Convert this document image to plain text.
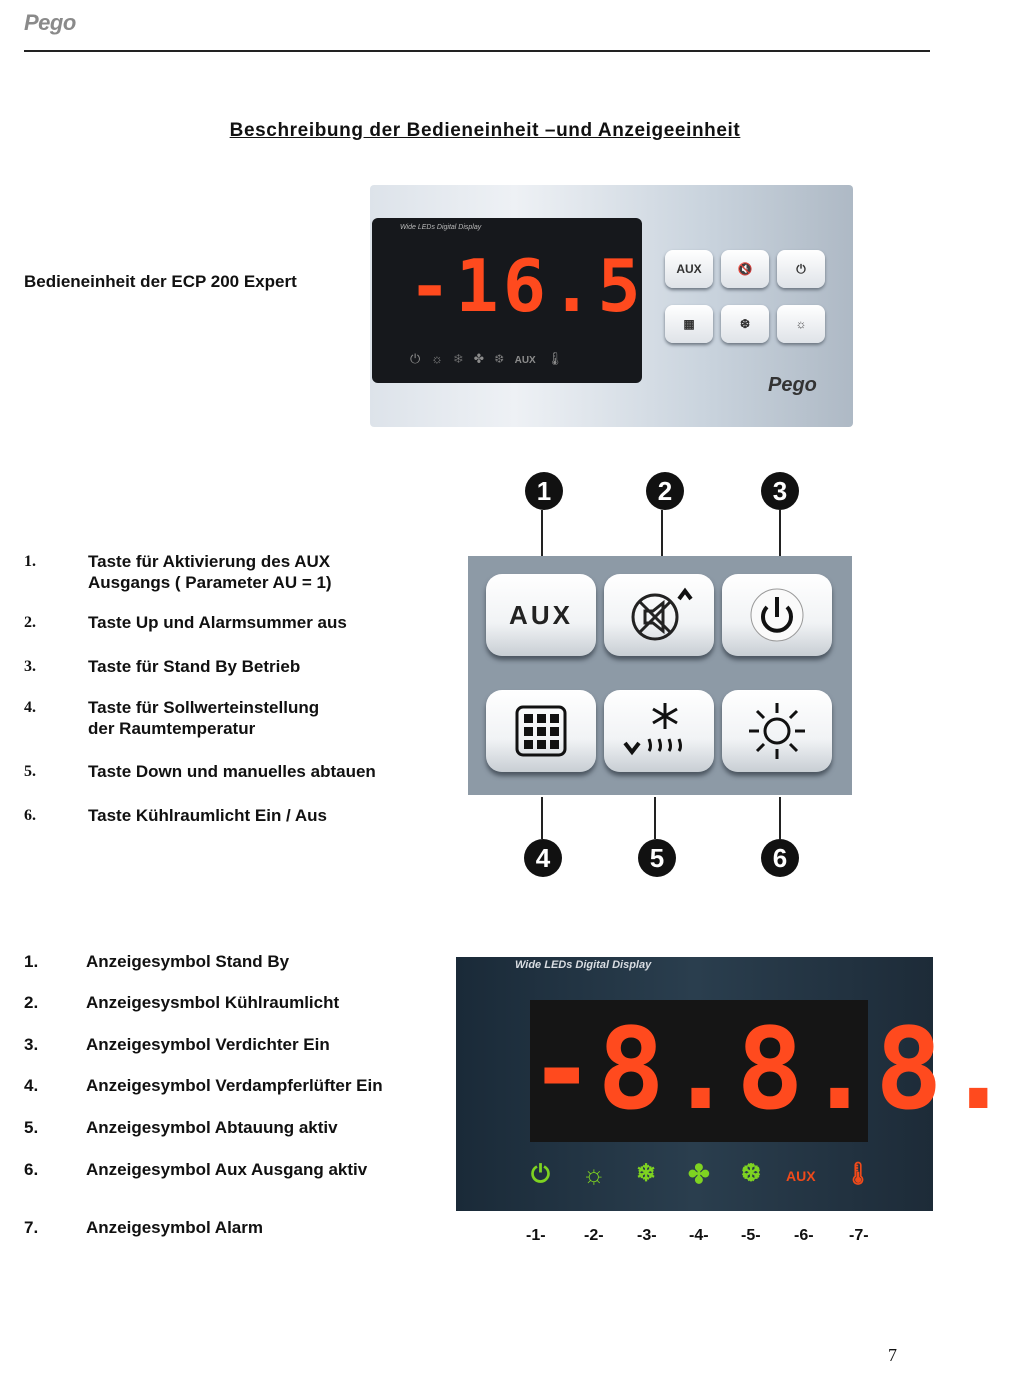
Pego
Beschreibung der Bedieneinheit –und Anzeigeeinheit
Bedieneinheit der ECP 200 Expert
Wide LEDs Digital Display
-16.5
⏻ ☼ ❄ ✤ ❆ AUX 🌡
AUX	🔇	⏻
▦	❆	☼
Pego
1.	Taste für Aktivierung des AUX Ausgangs ( Parameter AU = 1)
2.	Taste Up und Alarmsummer aus
3.	Taste für Stand By Betrieb
4.	Taste für Sollwerteinstellung der Raumtemperatur
5.	Taste Down und manuelles abtauen
6.	Taste Kühlraumlicht Ein / Aus
1	2	3
AUX
4	5	6
1.	Anzeigesymbol Stand By
2.	Anzeigesysmbol Kühlraumlicht
3.	Anzeigesymbol Verdichter Ein
4.	Anzeigesymbol Verdampferlüfter Ein
5.	Anzeigesymbol Abtauung aktiv
6.	Anzeigesymbol Aux Ausgang aktiv
7.	Anzeigesymbol Alarm
Wide LEDs Digital Display
-8.8.8.
⏻ ☼ ❄ ✤ ❆ AUX 🌡
-1- -2- -3- -4- -5- -6- -7-
7
